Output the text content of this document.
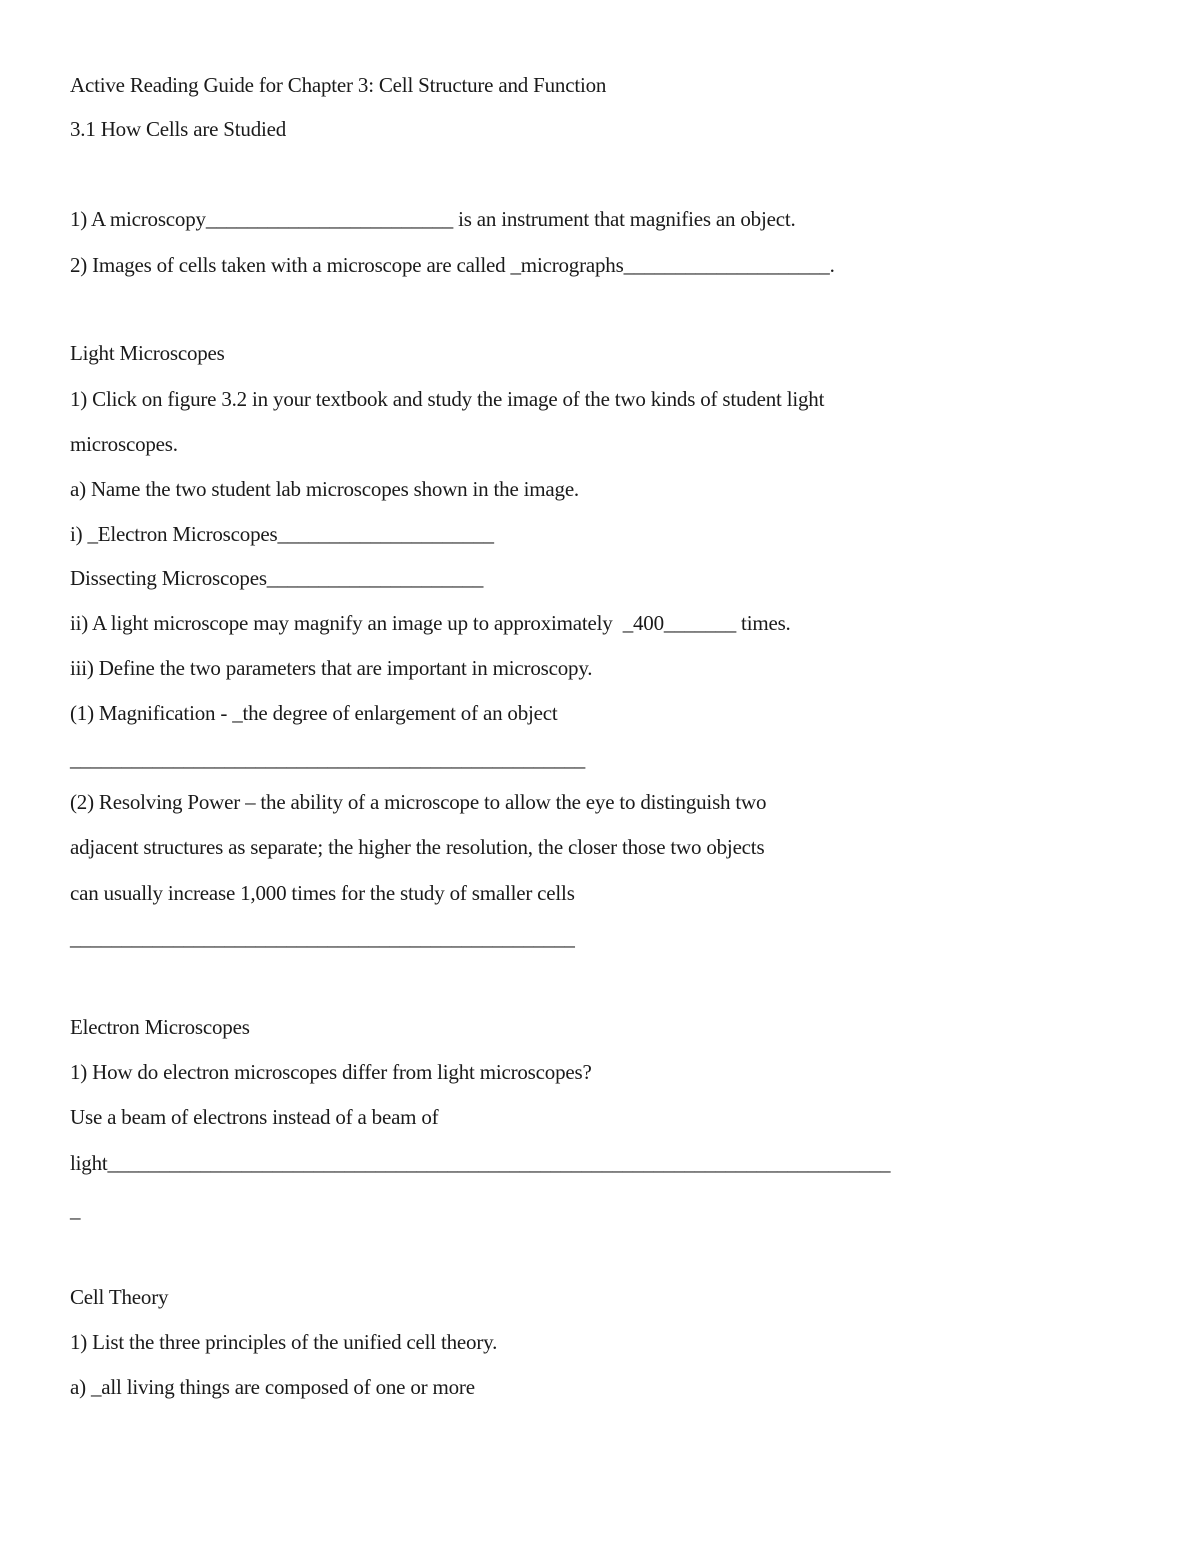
Active Reading Guide for Chapter 3: Cell Structure and Function
3.1 How Cells are Studied
1) A microscopy________________________ is an instrument that magnifies an object.
2) Images of cells taken with a microscope are called _micrographs____________________.
Light Microscopes
1) Click on figure 3.2 in your textbook and study the image of the two kinds of student light
microscopes.
a) Name the two student lab microscopes shown in the image.
i) _Electron Microscopes_____________________
Dissecting Microscopes_____________________
ii) A light microscope may magnify an image up to approximately  _400_______ times.
iii) Define the two parameters that are important in microscopy.
(1) Magnification - _the degree of enlargement of an object
__________________________________________________
(2) Resolving Power – the ability of a microscope to allow the eye to distinguish two
adjacent structures as separate; the higher the resolution, the closer those two objects
can usually increase 1,000 times for the study of smaller cells
_________________________________________________
Electron Microscopes
1) How do electron microscopes differ from light microscopes?
Use a beam of electrons instead of a beam of
light____________________________________________________________________________
_
Cell Theory
1) List the three principles of the unified cell theory.
a) _all living things are composed of one or more
